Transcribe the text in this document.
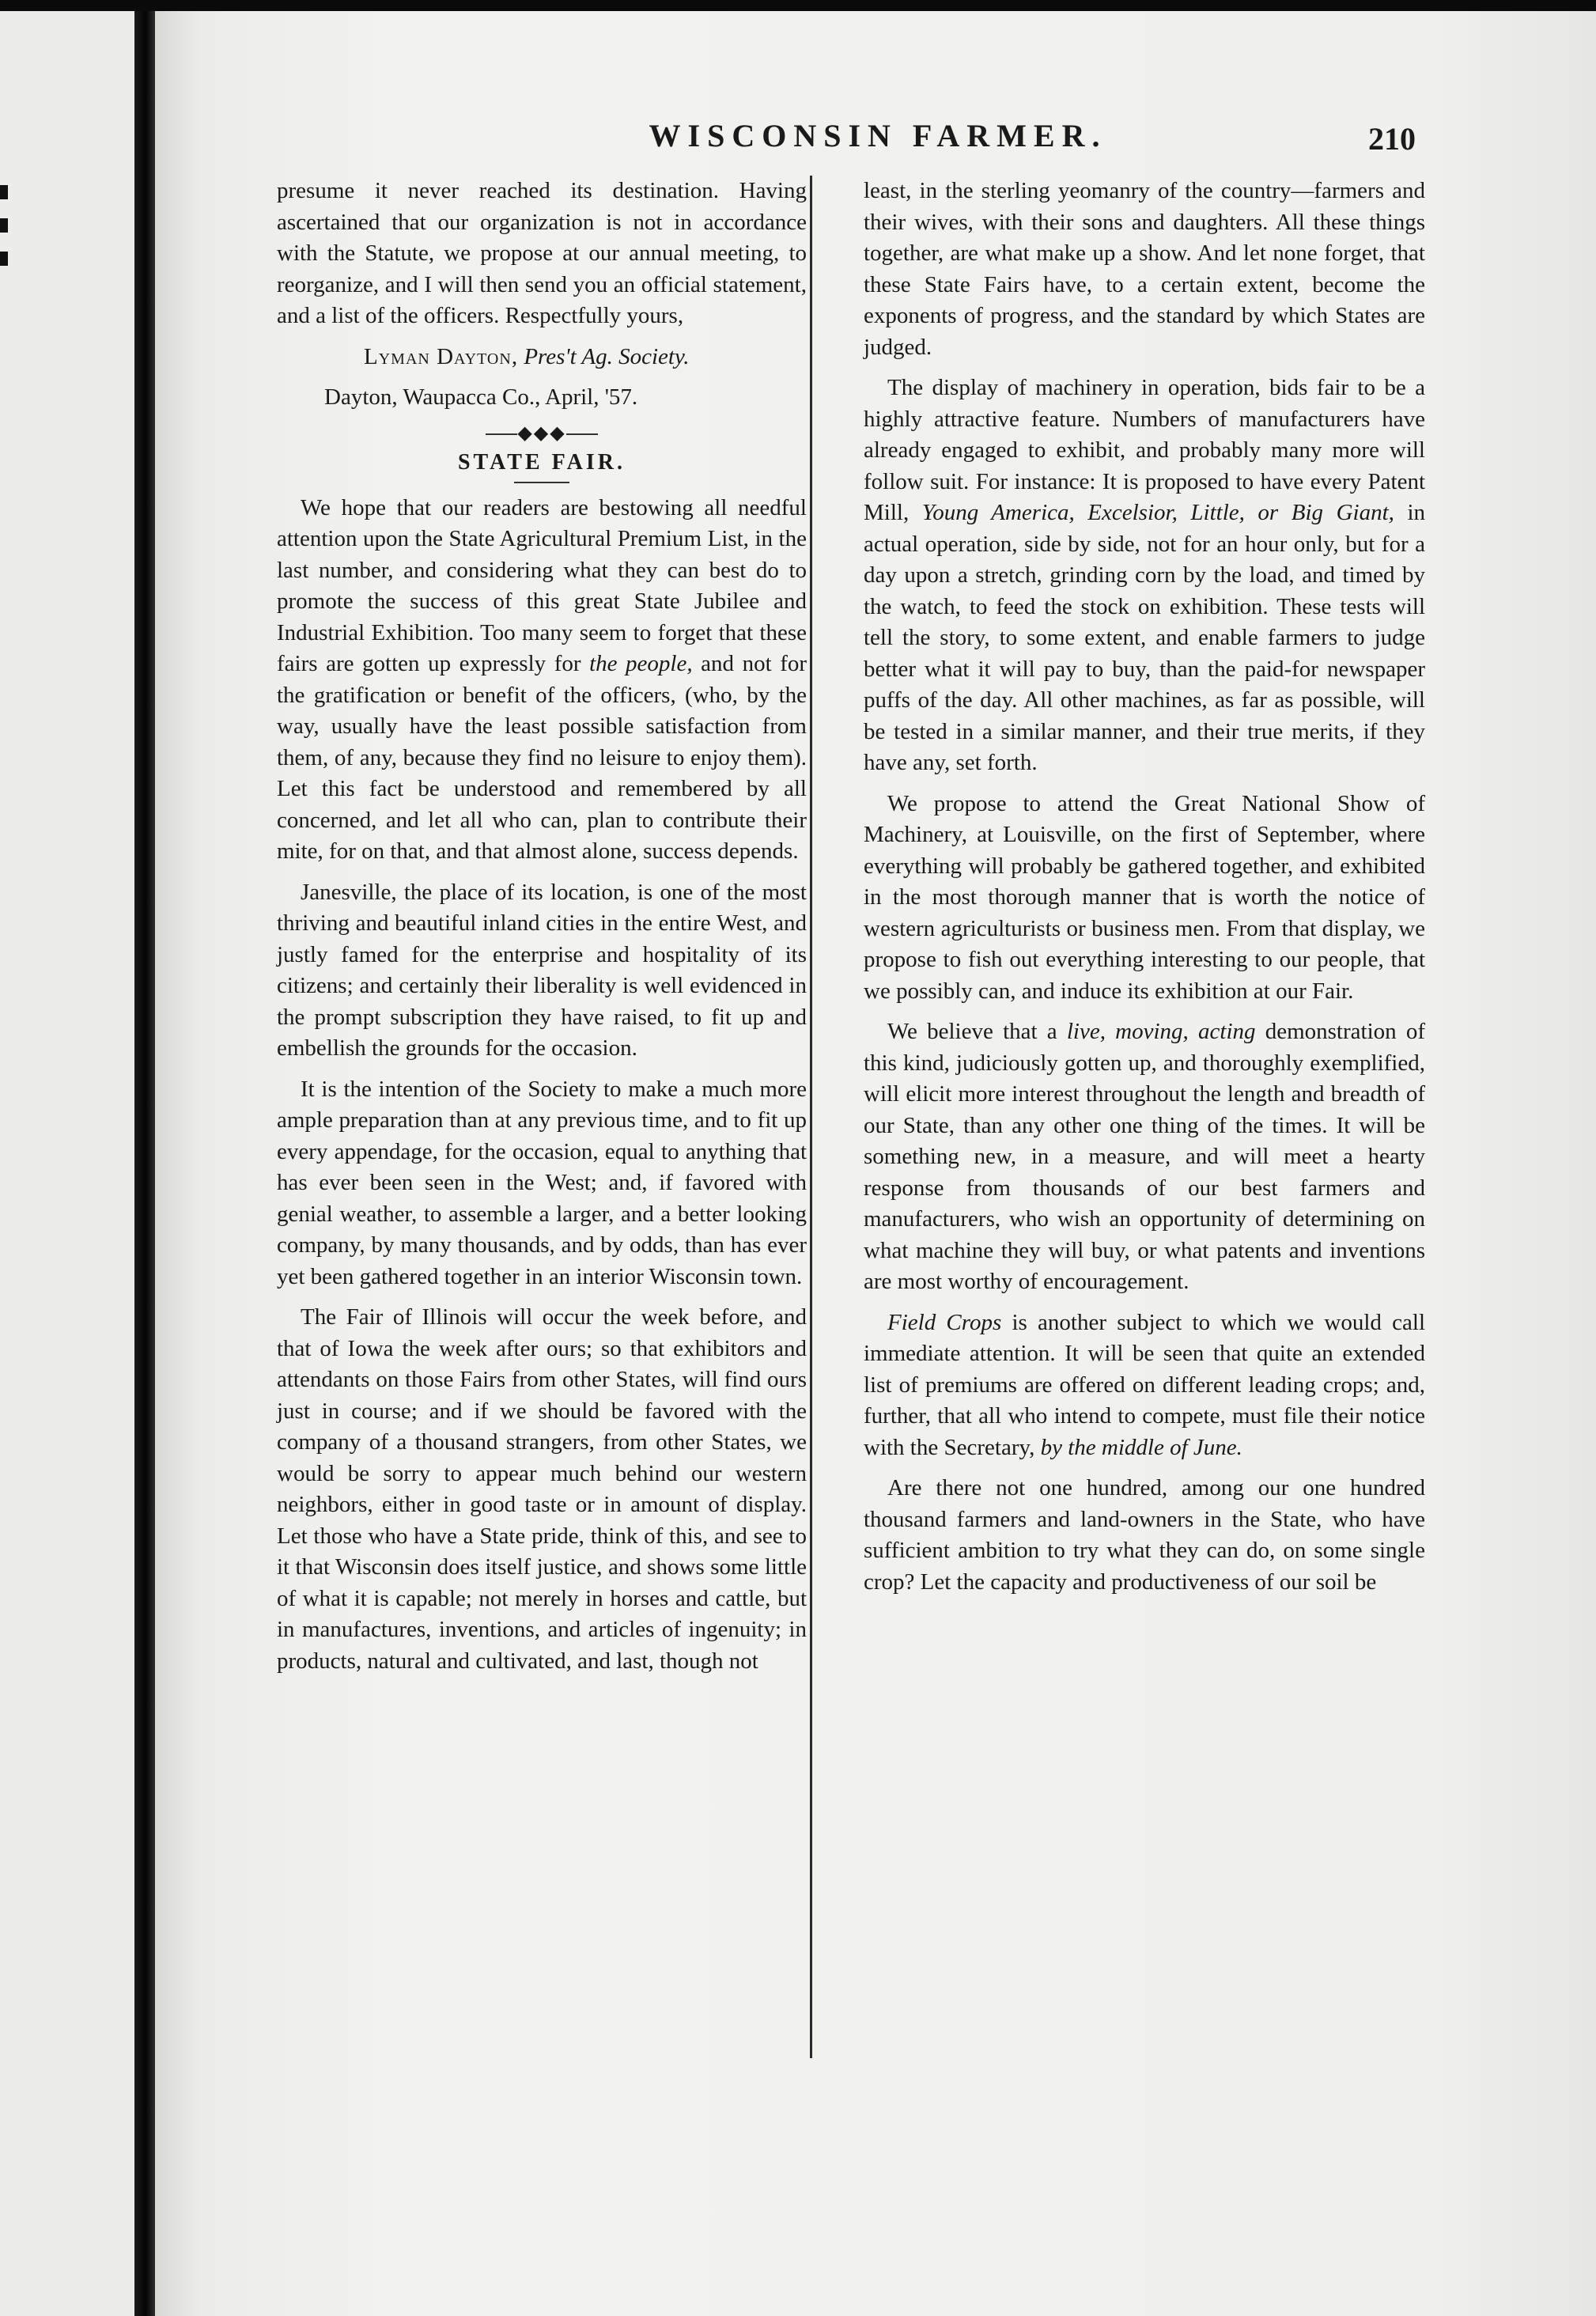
WISCONSIN FARMER.	210

presume it never reached its destination. Having ascertained that our organization is not in accordance with the Statute, we propose at our annual meeting, to reorganize, and I will then send you an official statement, and a list of the officers. Respectfully yours,

Lyman Dayton, Pres't Ag. Society.

Dayton, Waupacca Co., April, '57.

◆◆◆
STATE FAIR.

We hope that our readers are bestowing all needful attention upon the State Agricultural Premium List, in the last number, and considering what they can best do to promote the success of this great State Jubilee and Industrial Exhibition. Too many seem to forget that these fairs are gotten up expressly for the people, and not for the gratification or benefit of the officers, (who, by the way, usually have the least possible satisfaction from them, of any, because they find no leisure to enjoy them). Let this fact be understood and remembered by all concerned, and let all who can, plan to contribute their mite, for on that, and that almost alone, success depends.

Janesville, the place of its location, is one of the most thriving and beautiful inland cities in the entire West, and justly famed for the enterprise and hospitality of its citizens; and certainly their liberality is well evidenced in the prompt subscription they have raised, to fit up and embellish the grounds for the occasion.

It is the intention of the Society to make a much more ample preparation than at any previous time, and to fit up every appendage, for the occasion, equal to anything that has ever been seen in the West; and, if favored with genial weather, to assemble a larger, and a better looking company, by many thousands, and by odds, than has ever yet been gathered together in an interior Wisconsin town.

The Fair of Illinois will occur the week before, and that of Iowa the week after ours; so that exhibitors and attendants on those Fairs from other States, will find ours just in course; and if we should be favored with the company of a thousand strangers, from other States, we would be sorry to appear much behind our western neighbors, either in good taste or in amount of display. Let those who have a State pride, think of this, and see to it that Wisconsin does itself justice, and shows some little of what it is capable; not merely in horses and cattle, but in manufactures, inventions, and articles of ingenuity; in products, natural and cultivated, and last, though not

least, in the sterling yeomanry of the country—farmers and their wives, with their sons and daughters. All these things together, are what make up a show. And let none forget, that these State Fairs have, to a certain extent, become the exponents of progress, and the standard by which States are judged.

The display of machinery in operation, bids fair to be a highly attractive feature. Numbers of manufacturers have already engaged to exhibit, and probably many more will follow suit. For instance: It is proposed to have every Patent Mill, Young America, Excelsior, Little, or Big Giant, in actual operation, side by side, not for an hour only, but for a day upon a stretch, grinding corn by the load, and timed by the watch, to feed the stock on exhibition. These tests will tell the story, to some extent, and enable farmers to judge better what it will pay to buy, than the paid-for newspaper puffs of the day. All other machines, as far as possible, will be tested in a similar manner, and their true merits, if they have any, set forth.

We propose to attend the Great National Show of Machinery, at Louisville, on the first of September, where everything will probably be gathered together, and exhibited in the most thorough manner that is worth the notice of western agriculturists or business men. From that display, we propose to fish out everything interesting to our people, that we possibly can, and induce its exhibition at our Fair.

We believe that a live, moving, acting demonstration of this kind, judiciously gotten up, and thoroughly exemplified, will elicit more interest throughout the length and breadth of our State, than any other one thing of the times. It will be something new, in a measure, and will meet a hearty response from thousands of our best farmers and manufacturers, who wish an opportunity of determining on what machine they will buy, or what patents and inventions are most worthy of encouragement.

Field Crops is another subject to which we would call immediate attention. It will be seen that quite an extended list of premiums are offered on different leading crops; and, further, that all who intend to compete, must file their notice with the Secretary, by the middle of June.

Are there not one hundred, among our one hundred thousand farmers and land-owners in the State, who have sufficient ambition to try what they can do, on some single crop? Let the capacity and productiveness of our soil be
